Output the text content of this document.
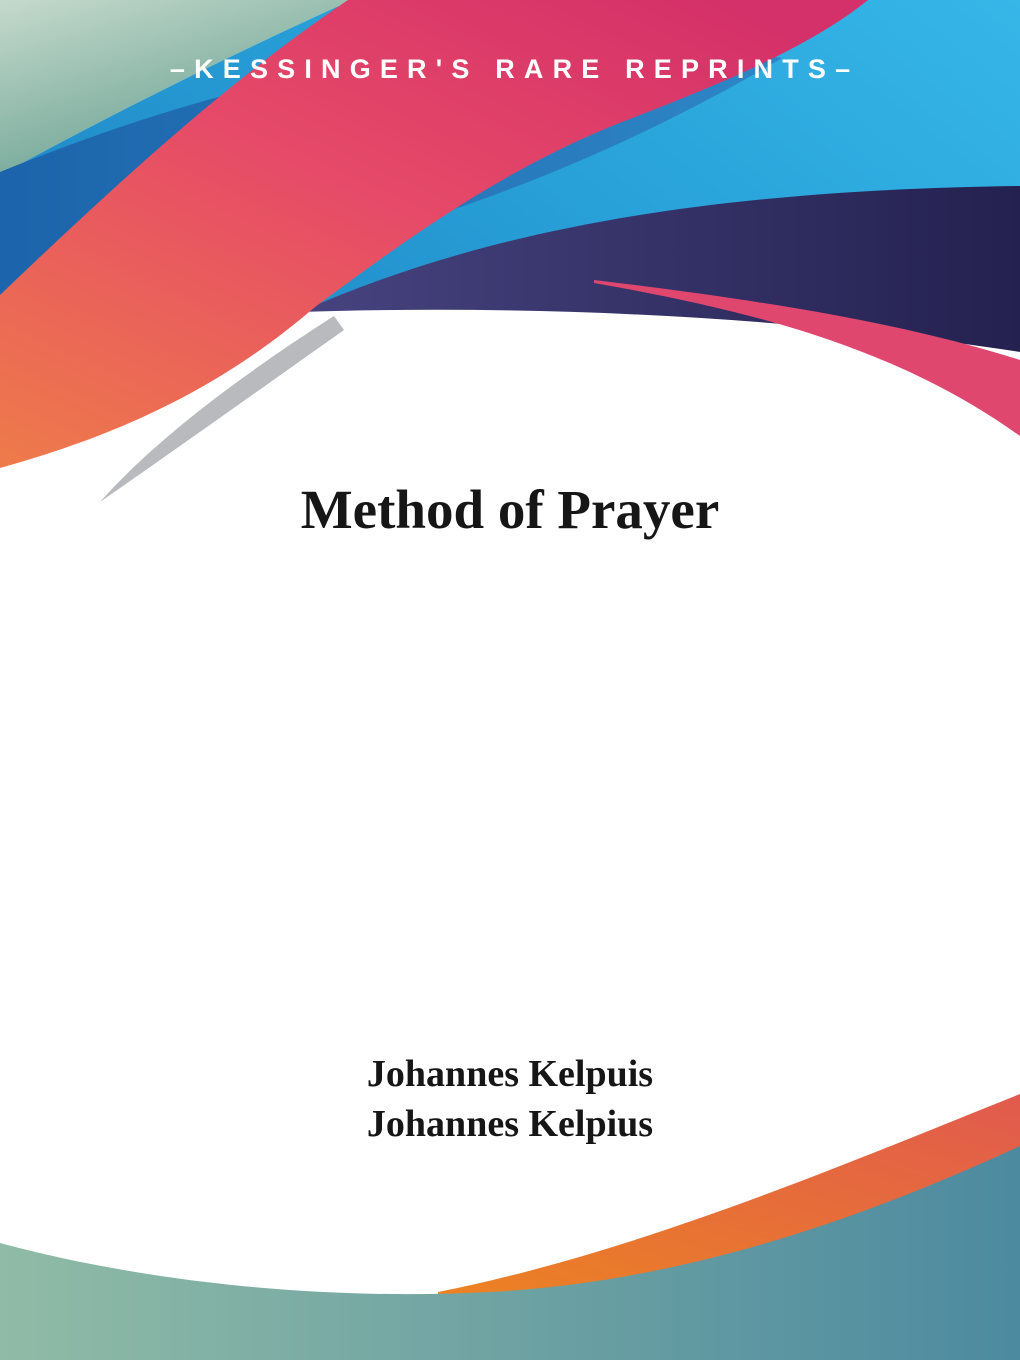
–KESSINGER'S RARE REPRINTS–
Method of Prayer
Johannes Kelpuis
Johannes Kelpius
